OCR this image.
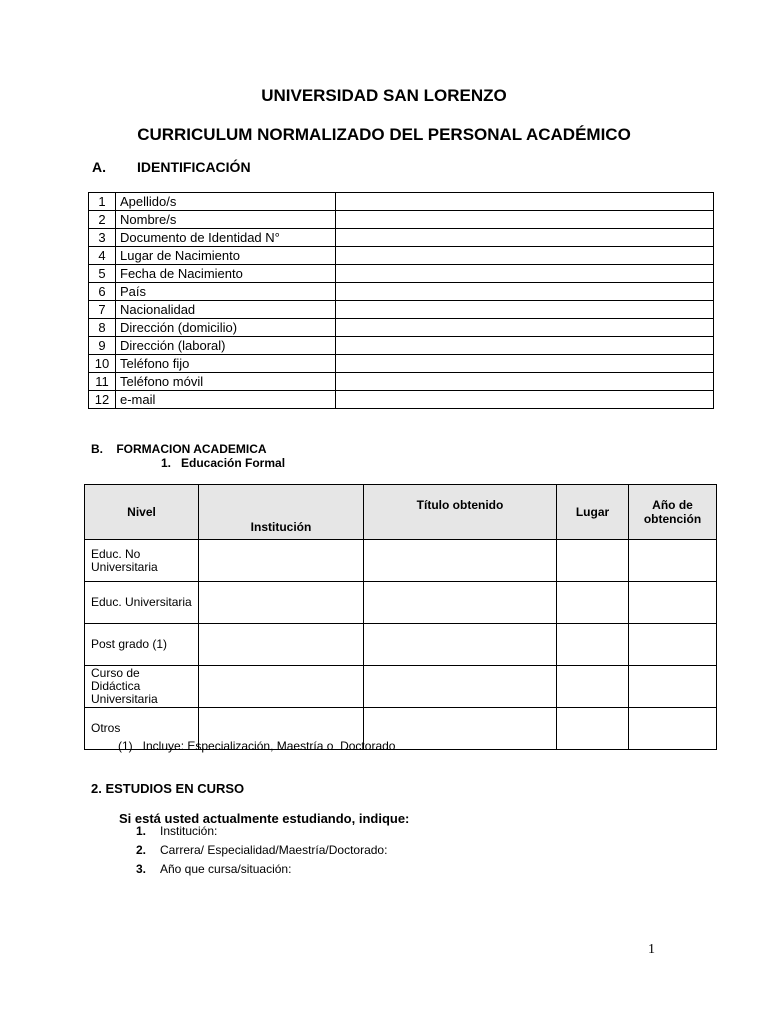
UNIVERSIDAD SAN LORENZO
CURRICULUM NORMALIZADO DEL PERSONAL ACADÉMICO
A. IDENTIFICACIÓN
1	Apellido/s	
2	Nombre/s	
3	Documento de Identidad N°	
4	Lugar de Nacimiento	
5	Fecha de Nacimiento	
6	País	
7	Nacionalidad	
8	Dirección (domicilio)	
9	Dirección (laboral)	
10	Teléfono fijo	
11	Teléfono móvil	
12	e-mail	
B.    FORMACION ACADEMICA
1.   Educación Formal
Nivel	Institución	Título obtenido	Lugar	Año de obtención
Educ. No Universitaria				
Educ. Universitaria				
Post grado (1)				
Curso de Didáctica Universitaria				
Otros				
(1)   Incluye: Especialización, Maestría o  Doctorado
2. ESTUDIOS EN CURSO
Si está usted actualmente estudiando, indique:
1. Institución:
2. Carrera/ Especialidad/Maestría/Doctorado:
3. Año que cursa/situación:
1
